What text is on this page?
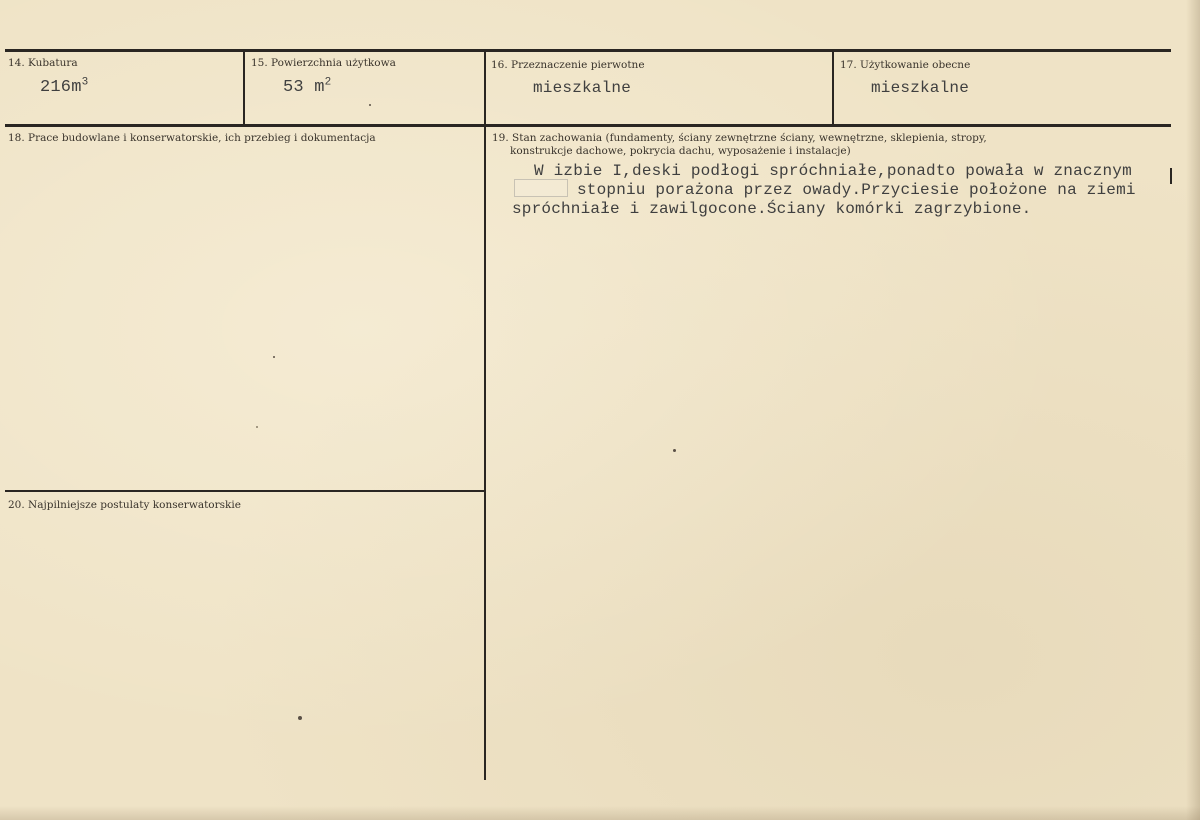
14. Kubatura
$216m^3$
15. Powierzchnia użytkowa
53 $m^2$
16. Przeznaczenie pierwotne
mieszkalne
17. Użytkowanie obecne
mieszkalne
18. Prace budowlane i konserwatorskie, ich przebieg i dokumentacja	19. Stan zachowania (fundamenty, ściany zewnętrzne ściany, wewnętrzne, sklepienia, stropy,
konstrukcje dachowe, pokrycia dachu, wyposażenie i instalacje)
W izbie I,deski podłogi spróchniałe,ponadto powała w znacznym
stopniu porażona przez owady.Przyciesie położone na ziemi
spróchniałe i zawilgocone.Ściany komórki zagrzybione.
20. Najpilniejsze postulaty konserwatorskie
